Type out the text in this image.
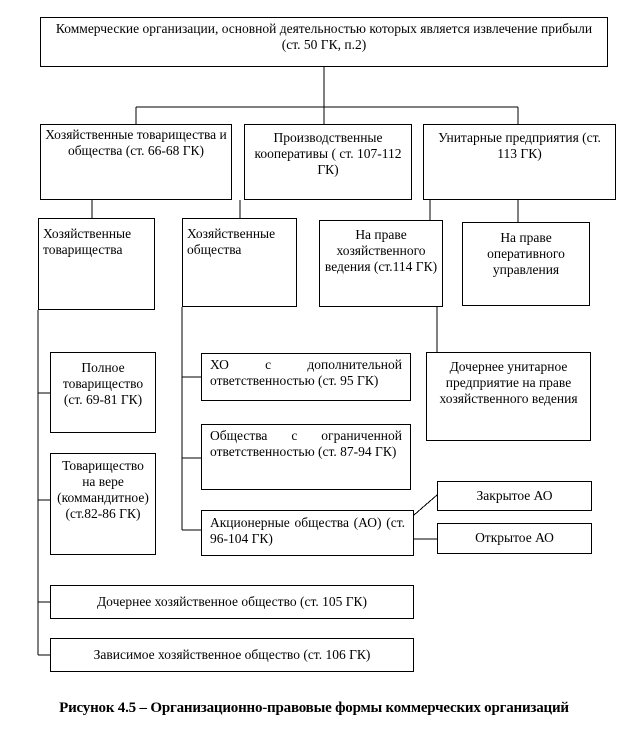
Коммерческие организации, основной деятельностью которых является извлечение прибыли (ст. 50 ГК, п.2)
Хозяйственные товарищества и общества (ст. 66-68 ГК)
Производственные кооперативы ( ст. 107-112 ГК)
Унитарные предприятия (ст. 113 ГК)
Хозяйственные товарищества
Хозяйственные общества
На праве хозяйственного ведения (ст.114 ГК)
На праве оперативного управления
Полное товарищество (ст. 69-81 ГК)
Товарищество на вере (коммандитное) (ст.82-86 ГК)
ХО с дополнительной ответственностью (ст. 95 ГК)
Общества с ограниченной ответственностью (ст. 87-94 ГК)
Акционерные общества (АО) (ст. 96-104 ГК)
Дочернее унитарное предприятие на праве хозяйственного ведения
Закрытое АО
Открытое АО
Дочернее хозяйственное общество (ст. 105 ГК)
Зависимое хозяйственное общество (ст. 106 ГК)
Рисунок 4.5 – Организационно-правовые формы коммерческих организаций
